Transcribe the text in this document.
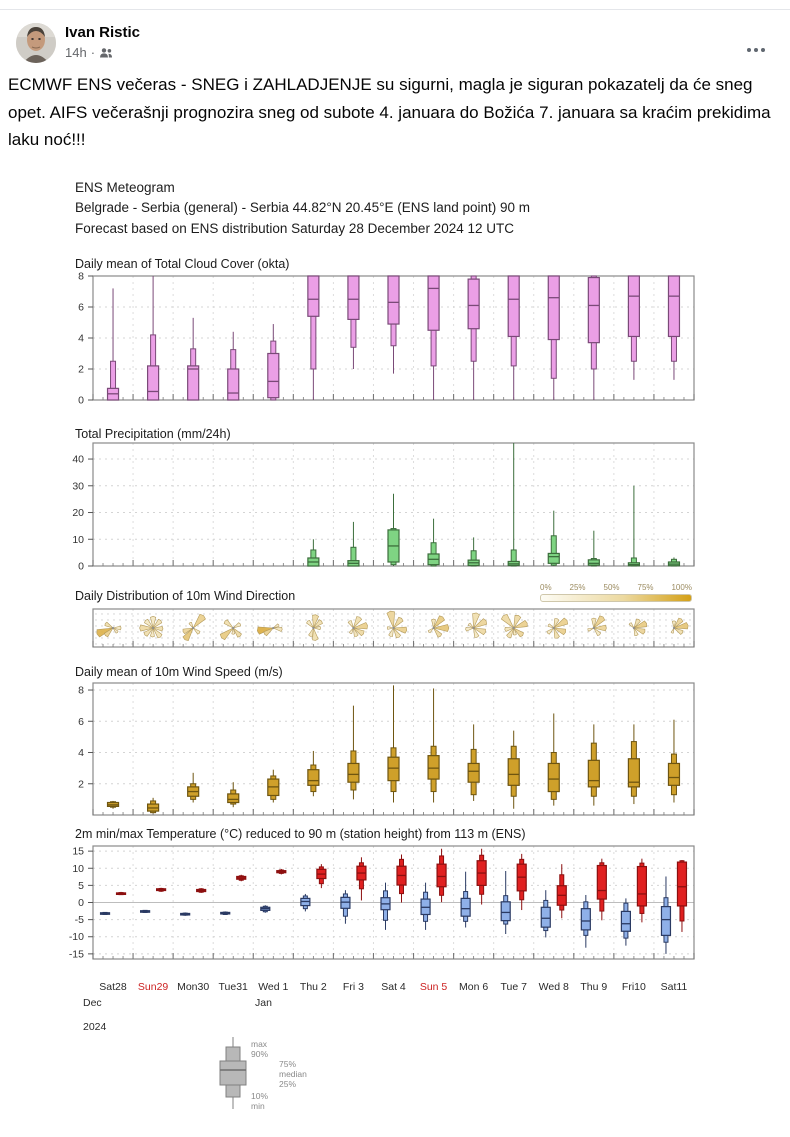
Ivan Ristic
14h ·
ECMWF ENS večeras - SNEG i ZAHLADJENJE su sigurni, magla je siguran pokazatelj da će sneg opet. AIFS večerašnji prognozira sneg od subote 4. januara do Božića 7. januara sa kraćim prekidima laku noć!!!
ENS Meteogram
Belgrade - Serbia (general) - Serbia 44.82°N 20.45°E (ENS land point) 90 m
Forecast based on ENS distribution Saturday 28 December 2024 12 UTC
Daily mean of Total Cloud Cover (okta)
0
2
4
6
8
Total Precipitation (mm/24h)
0
10
20
30
40
Daily Distribution of 10m Wind Direction
0% 25% 50% 75% 100%
Daily mean of 10m Wind Speed (m/s)
2
4
6
8
2m min/max Temperature (°C) reduced to 90 m (station height) from 113 m (ENS)
-15
-10
-5
0
5
10
15
Sat28	Sun29 Mon30 Tue31 Wed 1	Thu 2	Fri 3	Sat 4	Sun 5	Mon 6	Tue 7	Wed 8	Thu 9	Fri10	Sat11
Dec	Jan
2024
max
90%
75%
median
25%
10%
min
